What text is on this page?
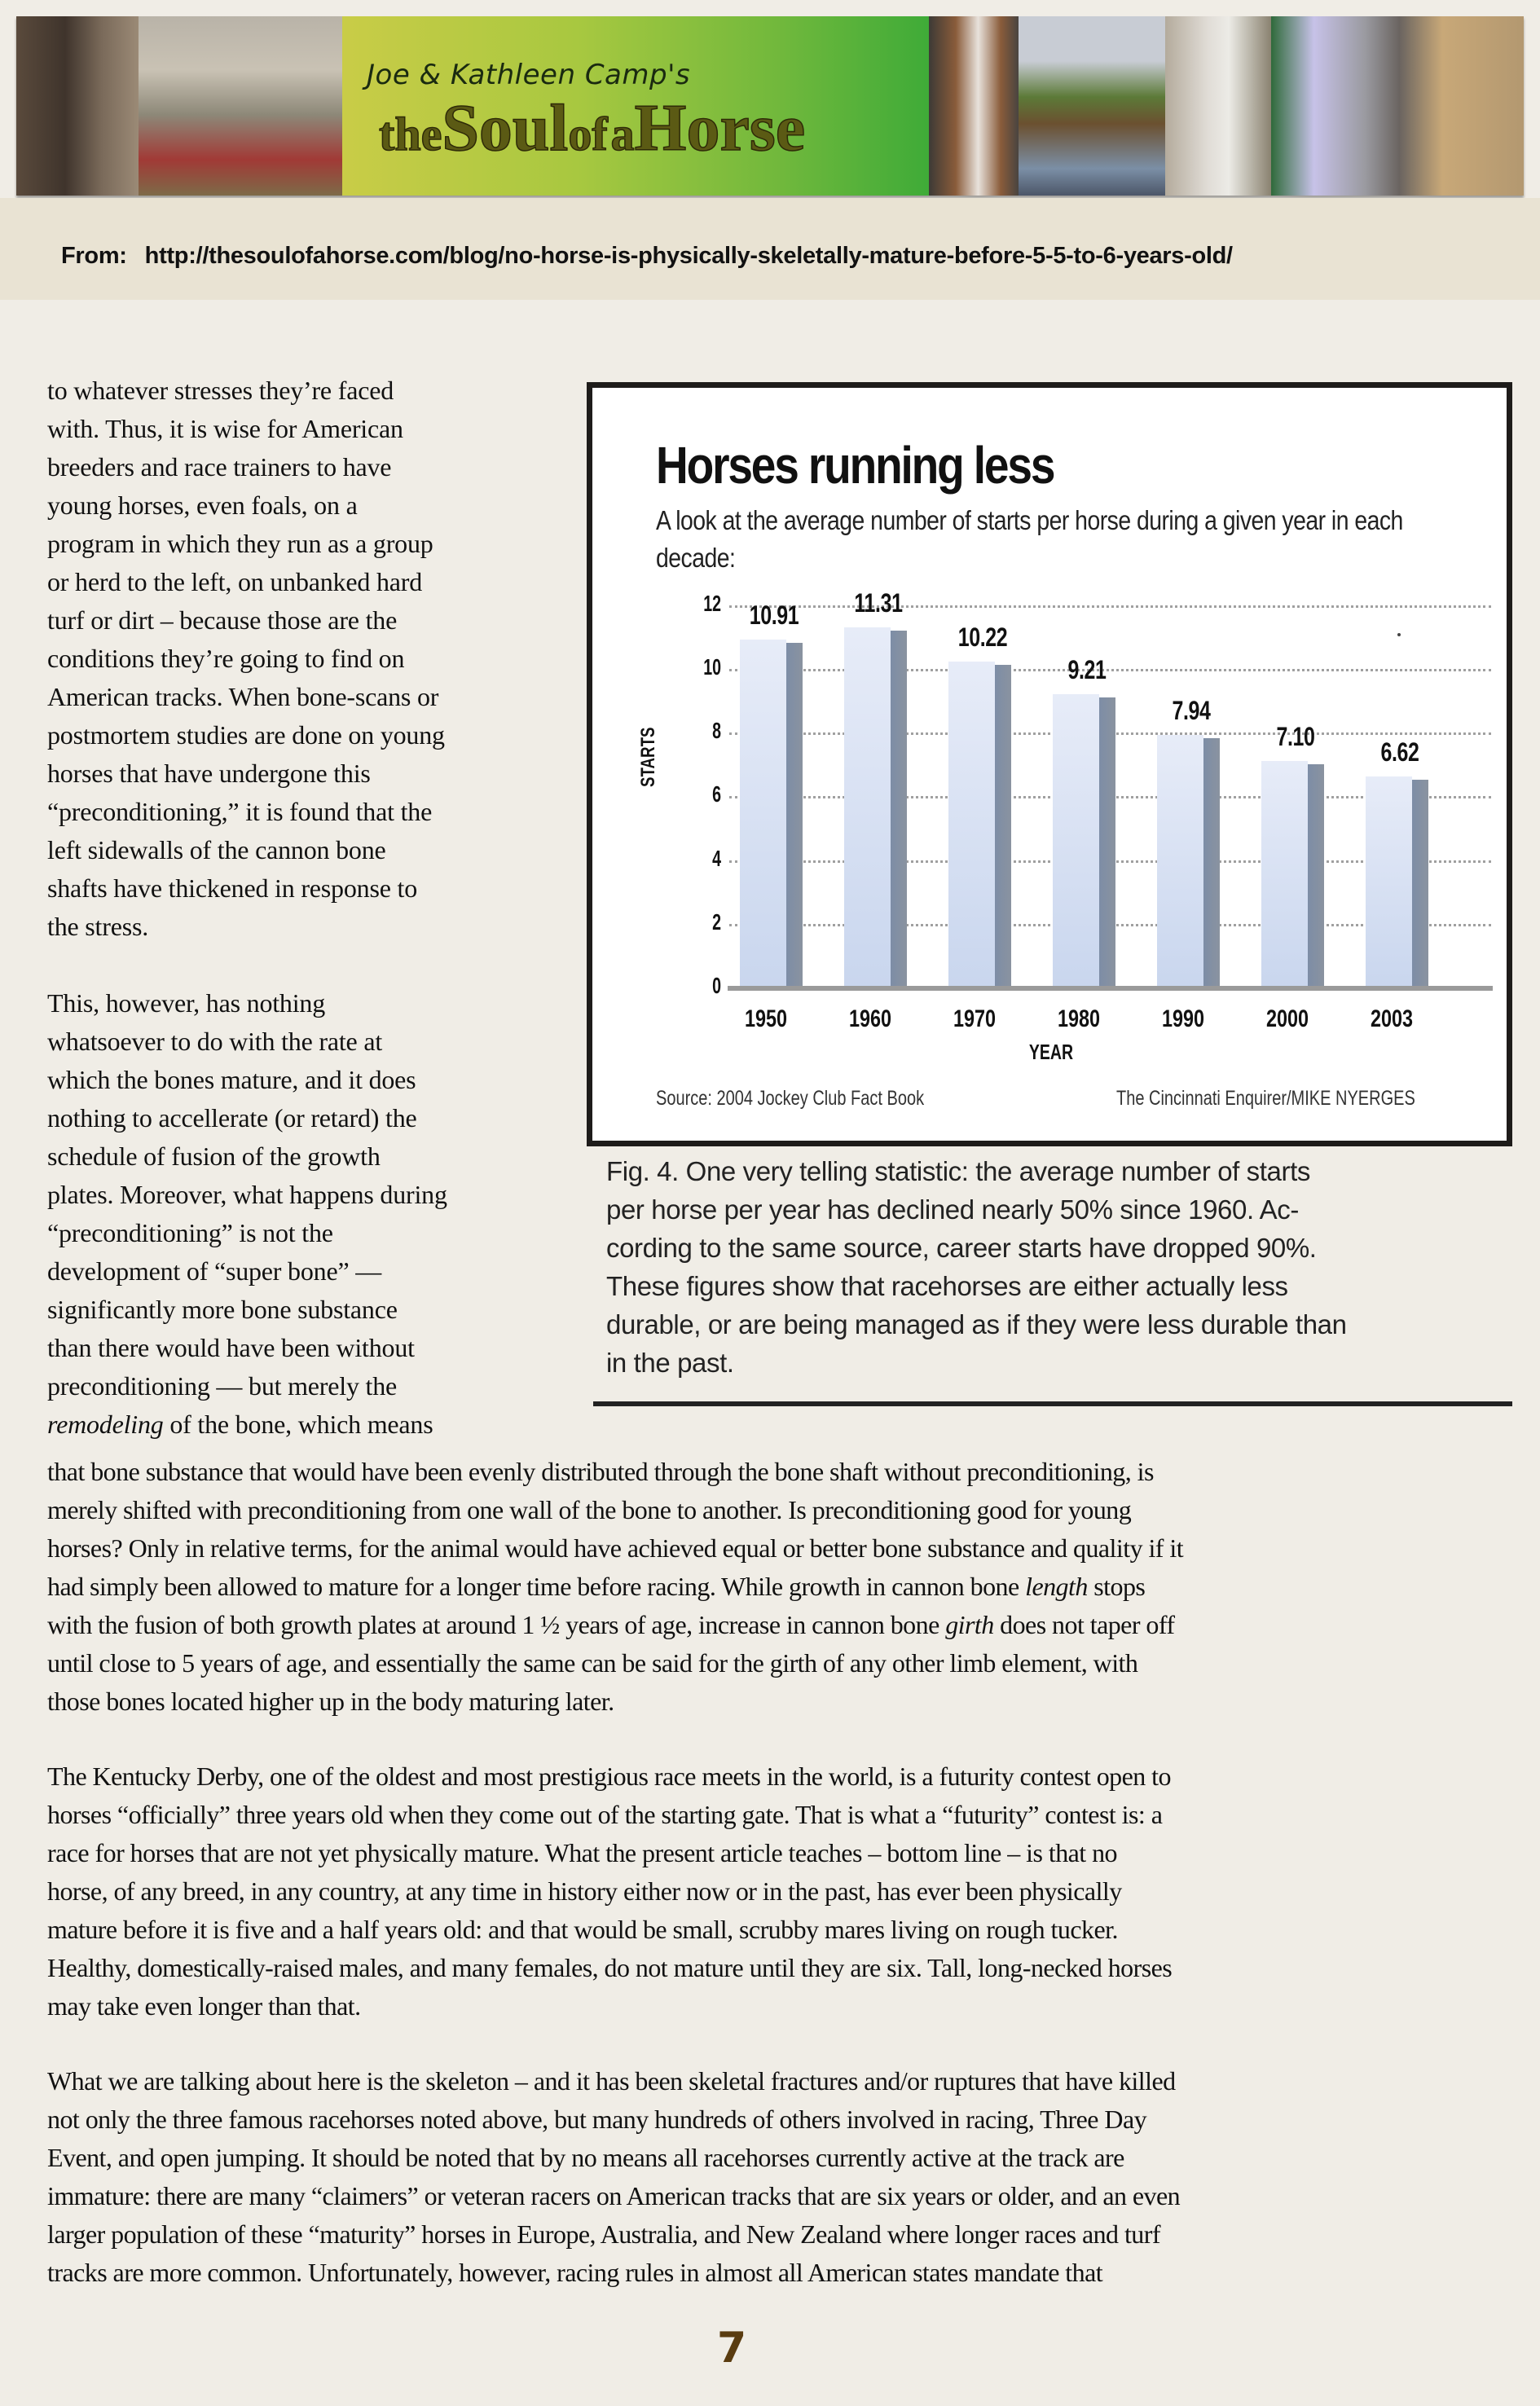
Joe & Kathleen Camp's
theSoulof aHorse
From: http://thesoulofahorse.com/blog/no-horse-is-physically-skeletally-mature-before-5-5-to-6-years-old/

to whatever stresses they’re faced
with. Thus, it is wise for American
breeders and race trainers to have
young horses, even foals, on a
program in which they run as a group
or herd to the left, on unbanked hard
turf or dirt – because those are the
conditions they’re going to find on
American tracks. When bone-scans or
postmortem studies are done on young
horses that have undergone this
“preconditioning,” it is found that the
left sidewalls of the cannon bone
shafts have thickened in response to
the stress.

This, however, has nothing
whatsoever to do with the rate at
which the bones mature, and it does
nothing to accellerate (or retard) the
schedule of fusion of the growth
plates. Moreover, what happens during
“preconditioning” is not the
development of “super bone” —
significantly more bone substance
than there would have been without
preconditioning — but merely the
remodeling of the bone, which means

Horses running less
A look at the average number of starts per horse during a given year in each decade:
0
2
4
6
8
10
12	10.91
1950
11.31
1960
10.22
1970
9.21
1980
7.94
1990
7.10
2000
6.62
2003
STARTS
YEAR
Source: 2004 Jockey Club Fact Book	The Cincinnati Enquirer/MIKE NYERGES
Fig. 4. One very telling statistic: the average number of starts
per horse per year has declined nearly 50% since 1960. Ac-
cording to the same source, career starts have dropped 90%.
These figures show that racehorses are either actually less
durable, or are being managed as if they were less durable than
in the past.
that bone substance that would have been evenly distributed through the bone shaft without preconditioning, is
merely shifted with preconditioning from one wall of the bone to another. Is preconditioning good for young
horses? Only in relative terms, for the animal would have achieved equal or better bone substance and quality if it
had simply been allowed to mature for a longer time before racing. While growth in cannon bone length stops
with the fusion of both growth plates at around 1 ½ years of age, increase in cannon bone girth does not taper off
until close to 5 years of age, and essentially the same can be said for the girth of any other limb element, with
those bones located higher up in the body maturing later.
The Kentucky Derby, one of the oldest and most prestigious race meets in the world, is a futurity contest open to
horses “officially” three years old when they come out of the starting gate. That is what a “futurity” contest is: a
race for horses that are not yet physically mature. What the present article teaches – bottom line – is that no
horse, of any breed, in any country, at any time in history either now or in the past, has ever been physically
mature before it is five and a half years old: and that would be small, scrubby mares living on rough tucker.
Healthy, domestically-raised males, and many females, do not mature until they are six. Tall, long-necked horses
may take even longer than that.
What we are talking about here is the skeleton – and it has been skeletal fractures and/or ruptures that have killed
not only the three famous racehorses noted above, but many hundreds of others involved in racing, Three Day
Event, and open jumping. It should be noted that by no means all racehorses currently active at the track are
immature: there are many “claimers” or veteran racers on American tracks that are six years or older, and an even
larger population of these “maturity” horses in Europe, Australia, and New Zealand where longer races and turf
tracks are more common. Unfortunately, however, racing rules in almost all American states mandate that
7
